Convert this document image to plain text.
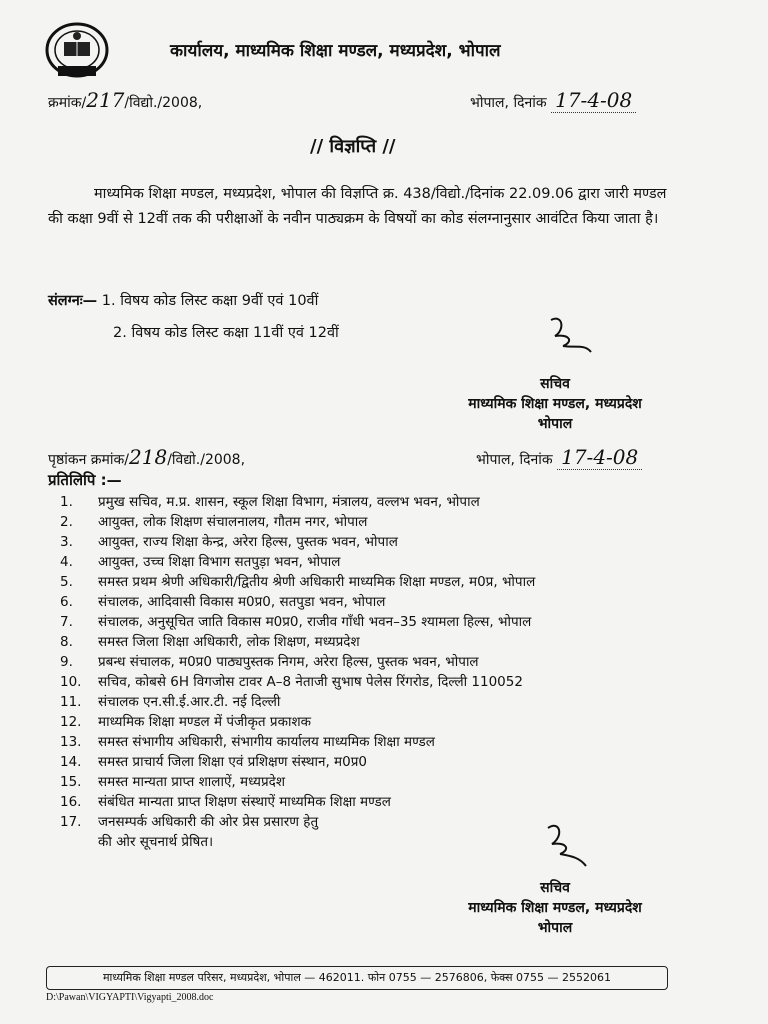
कार्यालय, माध्यमिक शिक्षा मण्डल, मध्यप्रदेश, भोपाल
क्रमांक/217/विद्यो./2008,	भोपाल, दिनांक 17-4-08
// विज्ञप्ति //
माध्यमिक शिक्षा मण्डल, मध्यप्रदेश, भोपाल की विज्ञप्ति क्र. 438/विद्यो./दिनांक 22.09.06 द्वारा जारी मण्डल की कक्षा 9वीं से 12वीं तक की परीक्षाओं के नवीन पाठ्यक्रम के विषयों का कोड संलग्नानुसार आवंटित किया जाता है।
संलग्नः— 1. विषय कोड लिस्ट कक्षा 9वीं एवं 10वीं
2. विषय कोड लिस्ट कक्षा 11वीं एवं 12वीं
सचिव
माध्यमिक शिक्षा मण्डल, मध्यप्रदेश
भोपाल
पृष्ठांकन क्रमांक/218/विद्यो./2008,	भोपाल, दिनांक 17-4-08
प्रतिलिपि :—
1.	प्रमुख सचिव, म.प्र. शासन, स्कूल शिक्षा विभाग, मंत्रालय, वल्लभ भवन, भोपाल
2.	आयुक्त, लोक शिक्षण संचालनालय, गौतम नगर, भोपाल
3.	आयुक्त, राज्य शिक्षा केन्द्र, अरेरा हिल्स, पुस्तक भवन, भोपाल
4.	आयुक्त, उच्च शिक्षा विभाग सतपुड़ा भवन, भोपाल
5.	समस्त प्रथम श्रेणी अधिकारी/द्वितीय श्रेणी अधिकारी माध्यमिक शिक्षा मण्डल, म0प्र, भोपाल
6.	संचालक, आदिवासी विकास म0प्र0, सतपुडा भवन, भोपाल
7.	संचालक, अनुसूचित जाति विकास म0प्र0, राजीव गाँधी भवन–35 श्यामला हिल्स, भोपाल
8.	समस्त जिला शिक्षा अधिकारी, लोक शिक्षण, मध्यप्रदेश
9.	प्रबन्ध संचालक, म0प्र0 पाठ्यपुस्तक निगम, अरेरा हिल्स, पुस्तक भवन, भोपाल
10.	सचिव, कोबसे 6H विगजोस टावर A–8 नेताजी सुभाष पेलेस रिंगरोड, दिल्ली 110052
11.	संचालक एन.सी.ई.आर.टी. नई दिल्ली
12.	माध्यमिक शिक्षा मण्डल में पंजीकृत प्रकाशक
13.	समस्त संभागीय अधिकारी, संभागीय कार्यालय माध्यमिक शिक्षा मण्डल
14.	समस्त प्राचार्य जिला शिक्षा एवं प्रशिक्षण संस्थान, म0प्र0
15.	समस्त मान्यता प्राप्त शालाऐं, मध्यप्रदेश
16.	संबंधित मान्यता प्राप्त शिक्षण संस्थाऐं माध्यमिक शिक्षा मण्डल
17.	जनसम्पर्क अधिकारी की ओर प्रेस प्रसारण हेतु
की ओर सूचनार्थ प्रेषित।
सचिव
माध्यमिक शिक्षा मण्डल, मध्यप्रदेश
भोपाल
माध्यमिक शिक्षा मण्डल परिसर, मध्यप्रदेश, भोपाल — 462011. फोन 0755 — 2576806, फेक्स 0755 — 2552061
D:\Pawan\VIGYAPTI\Vigyapti_2008.doc
